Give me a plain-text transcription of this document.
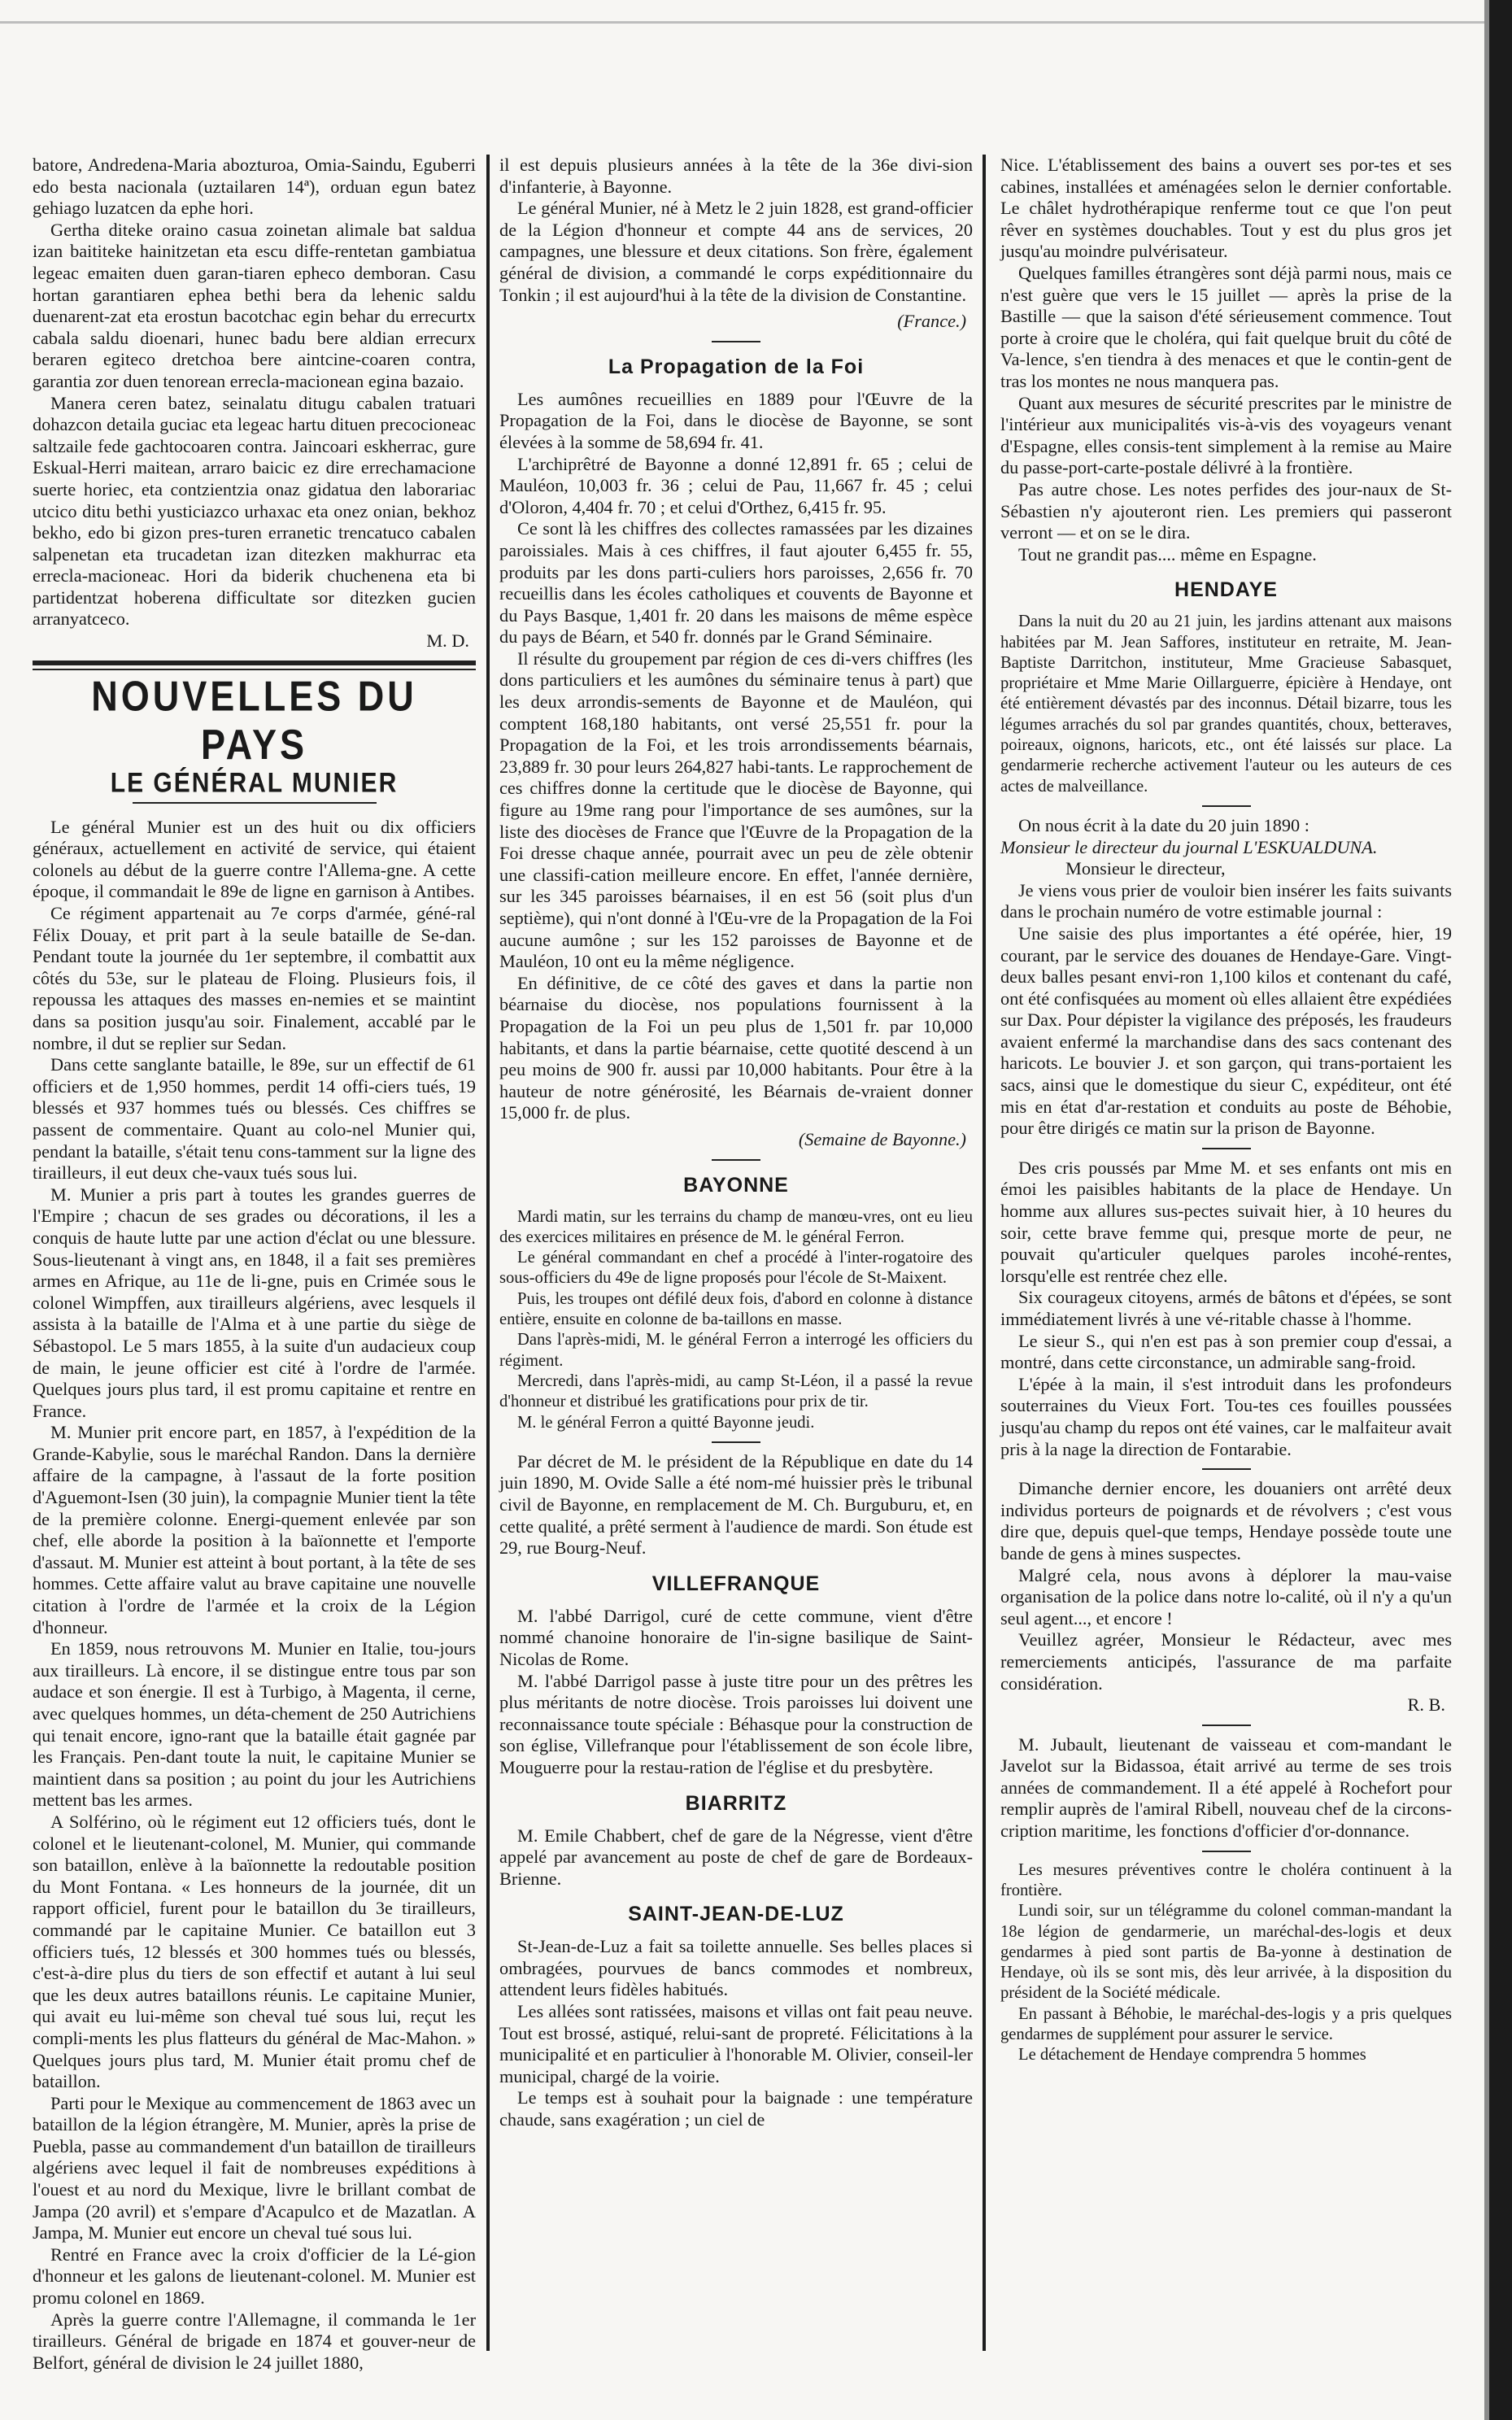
batore, Andredena-Maria abozturoa, Omia-Saindu, Eguberri edo besta nacionala (uztailaren 14ª), orduan egun batez gehiago luzatcen da ephe hori.

Gertha diteke oraino casua zoinetan alimale bat saldua izan baititeke hainitzetan eta escu diffe-rentetan gambiatua legeac emaiten duen garan-tiaren epheco demboran. Casu hortan garantiaren ephea bethi bera da lehenic saldu duenarent-zat eta erostun bacotchac egin behar du errecurtx cabala saldu dioenari, hunec badu bere aldian errecurx beraren egiteco dretchoa bere aintcine-coaren contra, garantia zor duen tenorean errecla-macionean egina bazaio.

Manera ceren batez, seinalatu ditugu cabalen tratuari dohazcon detaila guciac eta legeac hartu dituen precocioneac saltzaile fede gachtocoaren contra. Jaincoari eskherrac, gure Eskual-Herri maitean, arraro baicic ez dire errechamacione suerte horiec, eta contzientzia onaz gidatua den laborariac utcico ditu bethi yusticiazco urhaxac eta onez onian, bekhoz bekho, edo bi gizon pres-turen erranetic trencatuco cabalen salpenetan eta trucadetan izan ditezken makhurrac eta errecla-macioneac. Hori da biderik chuchenena eta bi partidentzat hoberena difficultate sor ditezken gucien arranyatceco.

M. D.

NOUVELLES DU PAYS
LE GÉNÉRAL MUNIER

Le général Munier est un des huit ou dix officiers généraux, actuellement en activité de service, qui étaient colonels au début de la guerre contre l'Allema-gne. A cette époque, il commandait le 89e de ligne en garnison à Antibes.

Ce régiment appartenait au 7e corps d'armée, géné-ral Félix Douay, et prit part à la seule bataille de Se-dan. Pendant toute la journée du 1er septembre, il combattit aux côtés du 53e, sur le plateau de Floing. Plusieurs fois, il repoussa les attaques des masses en-nemies et se maintint dans sa position jusqu'au soir. Finalement, accablé par le nombre, il dut se replier sur Sedan.

Dans cette sanglante bataille, le 89e, sur un effectif de 61 officiers et de 1,950 hommes, perdit 14 offi-ciers tués, 19 blessés et 937 hommes tués ou blessés. Ces chiffres se passent de commentaire. Quant au colo-nel Munier qui, pendant la bataille, s'était tenu cons-tamment sur la ligne des tirailleurs, il eut deux che-vaux tués sous lui.

M. Munier a pris part à toutes les grandes guerres de l'Empire ; chacun de ses grades ou décorations, il les a conquis de haute lutte par une action d'éclat ou une blessure. Sous-lieutenant à vingt ans, en 1848, il a fait ses premières armes en Afrique, au 11e de li-gne, puis en Crimée sous le colonel Wimpffen, aux tirailleurs algériens, avec lesquels il assista à la bataille de l'Alma et à une partie du siège de Sébastopol. Le 5 mars 1855, à la suite d'un audacieux coup de main, le jeune officier est cité à l'ordre de l'armée. Quelques jours plus tard, il est promu capitaine et rentre en France.

M. Munier prit encore part, en 1857, à l'expédition de la Grande-Kabylie, sous le maréchal Randon. Dans la dernière affaire de la campagne, à l'assaut de la forte position d'Aguemont-Isen (30 juin), la compagnie Munier tient la tête de la première colonne. Energi-quement enlevée par son chef, elle aborde la position à la baïonnette et l'emporte d'assaut. M. Munier est atteint à bout portant, à la tête de ses hommes. Cette affaire valut au brave capitaine une nouvelle citation à l'ordre de l'armée et la croix de la Légion d'honneur.

En 1859, nous retrouvons M. Munier en Italie, tou-jours aux tirailleurs. Là encore, il se distingue entre tous par son audace et son énergie. Il est à Turbigo, à Magenta, il cerne, avec quelques hommes, un déta-chement de 250 Autrichiens qui tenait encore, igno-rant que la bataille était gagnée par les Français. Pen-dant toute la nuit, le capitaine Munier se maintient dans sa position ; au point du jour les Autrichiens mettent bas les armes.

A Solférino, où le régiment eut 12 officiers tués, dont le colonel et le lieutenant-colonel, M. Munier, qui commande son bataillon, enlève à la baïonnette la redoutable position du Mont Fontana. « Les honneurs de la journée, dit un rapport officiel, furent pour le bataillon du 3e tirailleurs, commandé par le capitaine Munier. Ce bataillon eut 3 officiers tués, 12 blessés et 300 hommes tués ou blessés, c'est-à-dire plus du tiers de son effectif et autant à lui seul que les deux autres bataillons réunis. Le capitaine Munier, qui avait eu lui-même son cheval tué sous lui, reçut les compli-ments les plus flatteurs du général de Mac-Mahon. » Quelques jours plus tard, M. Munier était promu chef de bataillon.

Parti pour le Mexique au commencement de 1863 avec un bataillon de la légion étrangère, M. Munier, après la prise de Puebla, passe au commandement d'un bataillon de tirailleurs algériens avec lequel il fait de nombreuses expéditions à l'ouest et au nord du Mexique, livre le brillant combat de Jampa (20 avril) et s'empare d'Acapulco et de Mazatlan. A Jampa, M. Munier eut encore un cheval tué sous lui.

Rentré en France avec la croix d'officier de la Lé-gion d'honneur et les galons de lieutenant-colonel. M. Munier est promu colonel en 1869.

Après la guerre contre l'Allemagne, il commanda le 1er tirailleurs. Général de brigade en 1874 et gouver-neur de Belfort, général de division le 24 juillet 1880,

il est depuis plusieurs années à la tête de la 36e divi-sion d'infanterie, à Bayonne.

Le général Munier, né à Metz le 2 juin 1828, est grand-officier de la Légion d'honneur et compte 44 ans de services, 20 campagnes, une blessure et deux citations. Son frère, également général de division, a commandé le corps expéditionnaire du Tonkin ; il est aujourd'hui à la tête de la division de Constantine.

(France.)

La Propagation de la Foi

Les aumônes recueillies en 1889 pour l'Œuvre de la Propagation de la Foi, dans le diocèse de Bayonne, se sont élevées à la somme de 58,694 fr. 41.

L'archiprêtré de Bayonne a donné 12,891 fr. 65 ; celui de Mauléon, 10,003 fr. 36 ; celui de Pau, 11,667 fr. 45 ; celui d'Oloron, 4,404 fr. 70 ; et celui d'Orthez, 6,415 fr. 95.

Ce sont là les chiffres des collectes ramassées par les dizaines paroissiales. Mais à ces chiffres, il faut ajouter 6,455 fr. 55, produits par les dons parti-culiers hors paroisses, 2,656 fr. 70 recueillis dans les écoles catholiques et couvents de Bayonne et du Pays Basque, 1,401 fr. 20 dans les maisons de même espèce du pays de Béarn, et 540 fr. donnés par le Grand Séminaire.

Il résulte du groupement par région de ces di-vers chiffres (les dons particuliers et les aumônes du séminaire tenus à part) que les deux arrondis-sements de Bayonne et de Mauléon, qui comptent 168,180 habitants, ont versé 25,551 fr. pour la Propagation de la Foi, et les trois arrondissements béarnais, 23,889 fr. 30 pour leurs 264,827 habi-tants. Le rapprochement de ces chiffres donne la certitude que le diocèse de Bayonne, qui figure au 19me rang pour l'importance de ses aumônes, sur la liste des diocèses de France que l'Œuvre de la Propagation de la Foi dresse chaque année, pourrait avec un peu de zèle obtenir une classifi-cation meilleure encore. En effet, l'année dernière, sur les 345 paroisses béarnaises, il en est 56 (soit plus d'un septième), qui n'ont donné à l'Œu-vre de la Propagation de la Foi aucune aumône ; sur les 152 paroisses de Bayonne et de Mauléon, 10 ont eu la même négligence.

En définitive, de ce côté des gaves et dans la partie non béarnaise du diocèse, nos populations fournissent à la Propagation de la Foi un peu plus de 1,501 fr. par 10,000 habitants, et dans la partie béarnaise, cette quotité descend à un peu moins de 900 fr. aussi par 10,000 habitants. Pour être à la hauteur de notre générosité, les Béarnais de-vraient donner 15,000 fr. de plus.

(Semaine de Bayonne.)

BAYONNE

Mardi matin, sur les terrains du champ de manœu-vres, ont eu lieu des exercices militaires en présence de M. le général Ferron.

Le général commandant en chef a procédé à l'inter-rogatoire des sous-officiers du 49e de ligne proposés pour l'école de St-Maixent.

Puis, les troupes ont défilé deux fois, d'abord en colonne à distance entière, ensuite en colonne de ba-taillons en masse.

Dans l'après-midi, M. le général Ferron a interrogé les officiers du régiment.

Mercredi, dans l'après-midi, au camp St-Léon, il a passé la revue d'honneur et distribué les gratifications pour prix de tir.

M. le général Ferron a quitté Bayonne jeudi.

Par décret de M. le président de la République en date du 14 juin 1890, M. Ovide Salle a été nom-mé huissier près le tribunal civil de Bayonne, en remplacement de M. Ch. Burguburu, et, en cette qualité, a prêté serment à l'audience de mardi. Son étude est 29, rue Bourg-Neuf.

VILLEFRANQUE

M. l'abbé Darrigol, curé de cette commune, vient d'être nommé chanoine honoraire de l'in-signe basilique de Saint-Nicolas de Rome.

M. l'abbé Darrigol passe à juste titre pour un des prêtres les plus méritants de notre diocèse. Trois paroisses lui doivent une reconnaissance toute spéciale : Béhasque pour la construction de son église, Villefranque pour l'établissement de son école libre, Mouguerre pour la restau-ration de l'église et du presbytère.

BIARRITZ

M. Emile Chabbert, chef de gare de la Négresse, vient d'être appelé par avancement au poste de chef de gare de Bordeaux-Brienne.

SAINT-JEAN-DE-LUZ

St-Jean-de-Luz a fait sa toilette annuelle. Ses belles places si ombragées, pourvues de bancs commodes et nombreux, attendent leurs fidèles habitués.

Les allées sont ratissées, maisons et villas ont fait peau neuve. Tout est brossé, astiqué, relui-sant de propreté. Félicitations à la municipalité et en particulier à l'honorable M. Olivier, conseil-ler municipal, chargé de la voirie.

Le temps est à souhait pour la baignade : une température chaude, sans exagération ; un ciel de

Nice. L'établissement des bains a ouvert ses por-tes et ses cabines, installées et aménagées selon le dernier confortable. Le châlet hydrothérapique renferme tout ce que l'on peut rêver en systèmes douchables. Tout y est du plus gros jet jusqu'au moindre pulvérisateur.

Quelques familles étrangères sont déjà parmi nous, mais ce n'est guère que vers le 15 juillet — après la prise de la Bastille — que la saison d'été sérieusement commence. Tout porte à croire que le choléra, qui fait quelque bruit du côté de Va-lence, s'en tiendra à des menaces et que le contin-gent de tras los montes ne nous manquera pas.

Quant aux mesures de sécurité prescrites par le ministre de l'intérieur aux municipalités vis-à-vis des voyageurs venant d'Espagne, elles consis-tent simplement à la remise au Maire du passe-port-carte-postale délivré à la frontière.

Pas autre chose. Les notes perfides des jour-naux de St-Sébastien n'y ajouteront rien. Les premiers qui passeront verront — et on se le dira.

Tout ne grandit pas.... même en Espagne.

HENDAYE

Dans la nuit du 20 au 21 juin, les jardins attenant aux maisons habitées par M. Jean Saffores, instituteur en retraite, M. Jean-Baptiste Darritchon, instituteur, Mme Gracieuse Sabasquet, propriétaire et Mme Marie Oillarguerre, épicière à Hendaye, ont été entièrement dévastés par des inconnus. Détail bizarre, tous les légumes arrachés du sol par grandes quantités, choux, betteraves, poireaux, oignons, haricots, etc., ont été laissés sur place. La gendarmerie recherche activement l'auteur ou les auteurs de ces actes de malveillance.

On nous écrit à la date du 20 juin 1890 :

Monsieur le directeur du journal L'ESKUALDUNA.

Monsieur le directeur,

Je viens vous prier de vouloir bien insérer les faits suivants dans le prochain numéro de votre estimable journal :

Une saisie des plus importantes a été opérée, hier, 19 courant, par le service des douanes de Hendaye-Gare. Vingt-deux balles pesant envi-ron 1,100 kilos et contenant du café, ont été confisquées au moment où elles allaient être expédiées sur Dax. Pour dépister la vigilance des préposés, les fraudeurs avaient enfermé la marchandise dans des sacs contenant des haricots. Le bouvier J. et son garçon, qui trans-portaient les sacs, ainsi que le domestique du sieur C, expéditeur, ont été mis en état d'ar-restation et conduits au poste de Béhobie, pour être dirigés ce matin sur la prison de Bayonne.

Des cris poussés par Mme M. et ses enfants ont mis en émoi les paisibles habitants de la place de Hendaye. Un homme aux allures sus-pectes suivait hier, à 10 heures du soir, cette brave femme qui, presque morte de peur, ne pouvait qu'articuler quelques paroles incohé-rentes, lorsqu'elle est rentrée chez elle.

Six courageux citoyens, armés de bâtons et d'épées, se sont immédiatement livrés à une vé-ritable chasse à l'homme.

Le sieur S., qui n'en est pas à son premier coup d'essai, a montré, dans cette circonstance, un admirable sang-froid.

L'épée à la main, il s'est introduit dans les profondeurs souterraines du Vieux Fort. Tou-tes ces fouilles poussées jusqu'au champ du repos ont été vaines, car le malfaiteur avait pris à la nage la direction de Fontarabie.

Dimanche dernier encore, les douaniers ont arrêté deux individus porteurs de poignards et de révolvers ; c'est vous dire que, depuis quel-que temps, Hendaye possède toute une bande de gens à mines suspectes.

Malgré cela, nous avons à déplorer la mau-vaise organisation de la police dans notre lo-calité, où il n'y a qu'un seul agent..., et encore !

Veuillez agréer, Monsieur le Rédacteur, avec mes remerciements anticipés, l'assurance de ma parfaite considération.

R. B.

M. Jubault, lieutenant de vaisseau et com-mandant le Javelot sur la Bidassoa, était arrivé au terme de ses trois années de commandement. Il a été appelé à Rochefort pour remplir auprès de l'amiral Ribell, nouveau chef de la circons-cription maritime, les fonctions d'officier d'or-donnance.

Les mesures préventives contre le choléra continuent à la frontière.

Lundi soir, sur un télégramme du colonel comman-mandant la 18e légion de gendarmerie, un maréchal-des-logis et deux gendarmes à pied sont partis de Ba-yonne à destination de Hendaye, où ils se sont mis, dès leur arrivée, à la disposition du président de la Société médicale.

En passant à Béhobie, le maréchal-des-logis y a pris quelques gendarmes de supplément pour assurer le service.

Le détachement de Hendaye comprendra 5 hommes
